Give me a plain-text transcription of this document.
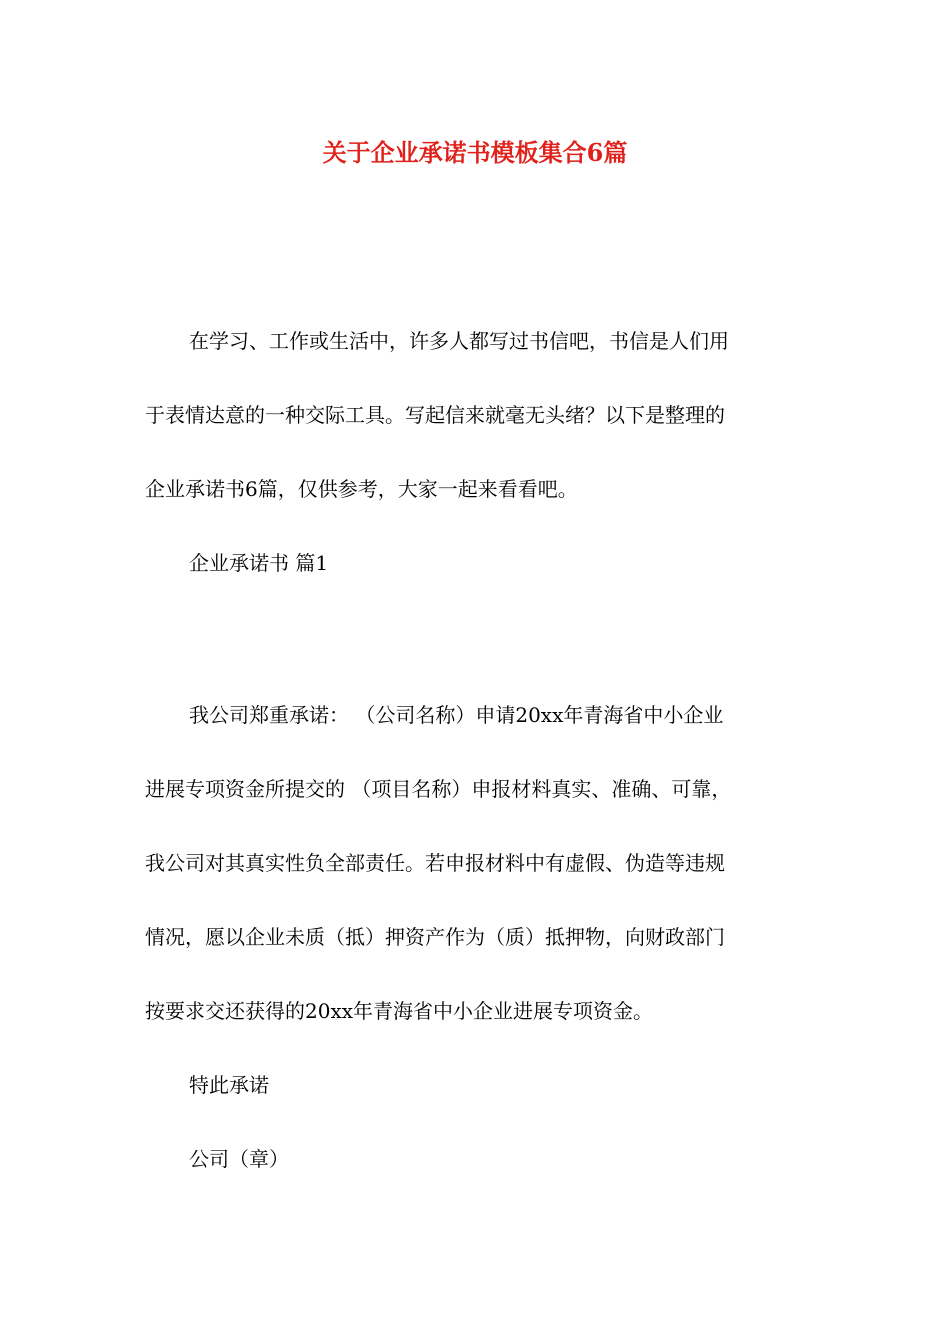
关于企业承诺书模板集合6篇
在学习、工作或生活中，许多人都写过书信吧，书信是人们用
于表情达意的一种交际工具。写起信来就毫无头绪？以下是整理的
企业承诺书6篇，仅供参考，大家一起来看看吧。
企业承诺书 篇1
我公司郑重承诺： （公司名称）申请20xx年青海省中小企业
进展专项资金所提交的 （项目名称）申报材料真实、准确、可靠，
我公司对其真实性负全部责任。若申报材料中有虚假、伪造等违规
情况，愿以企业未质（抵）押资产作为（质）抵押物，向财政部门
按要求交还获得的20xx年青海省中小企业进展专项资金。
特此承诺
公司（章）
